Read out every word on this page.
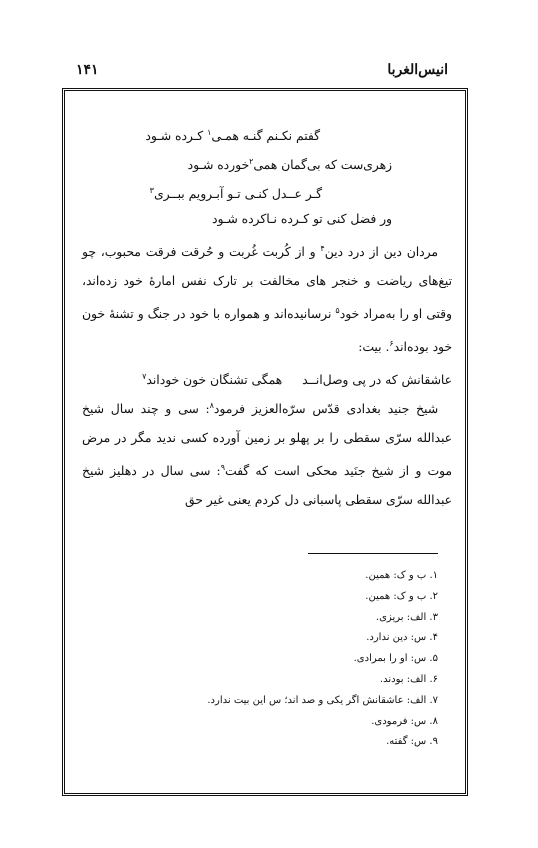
انیس‌الغربا
۱۴۱
گفتم نکـنم گنـه همـی$^۱$ کـرده شـود
زهری‌ست که بی‌گمان همی$^۲$خورده شـود
گـر عــدل کنـی تـو آبـرویم ببــری$^۳$
ور فضل کنی تو کـرده نـاکرده شـود

مردان دین از درد دین$^۴$ و از کُربت غُربت و حُرقت فرقت محبوب، چو تیغ‌های ریاضت و خنجر های مخالفت بر تارک نفس امارهٔ خود زده‌اند، وقتی او را به‌مراد خود$^۵$ نرسانیده‌اند و همواره با خود در جنگ و تشنهٔ خون خود بوده‌اند$^۶$. بیت:

عاشقانش که در پی وصل‌انــدهمگی تشنگان خون خوداند$^۷$

شیخ جنید بغدادی قدّس سرّه‌العزیز فرمود$^۸$: سی و چند سال شیخ عبدالله سرّی سقطی را بر پهلو بر زمین آورده کسی ندید مگر در مرض موت و از شیخ جنَید محکی است که گفت$^۹$: سی سال در دهلیز شیخ عبدالله سرّی سقطی پاسبانی دل کردم یعنی غیر حق

۱. ب و ک: همین.
۲. ب و ک: همین.
۳. الف: بریزی.
۴. س: دین ندارد.
۵. س: او را بمرادی.
۶. الف: بودند.
۷. الف: عاشقانش اگر یکی و صد اند؛ س این بیت ندارد.
۸. س: فرمودی.
۹. س: گفته.
